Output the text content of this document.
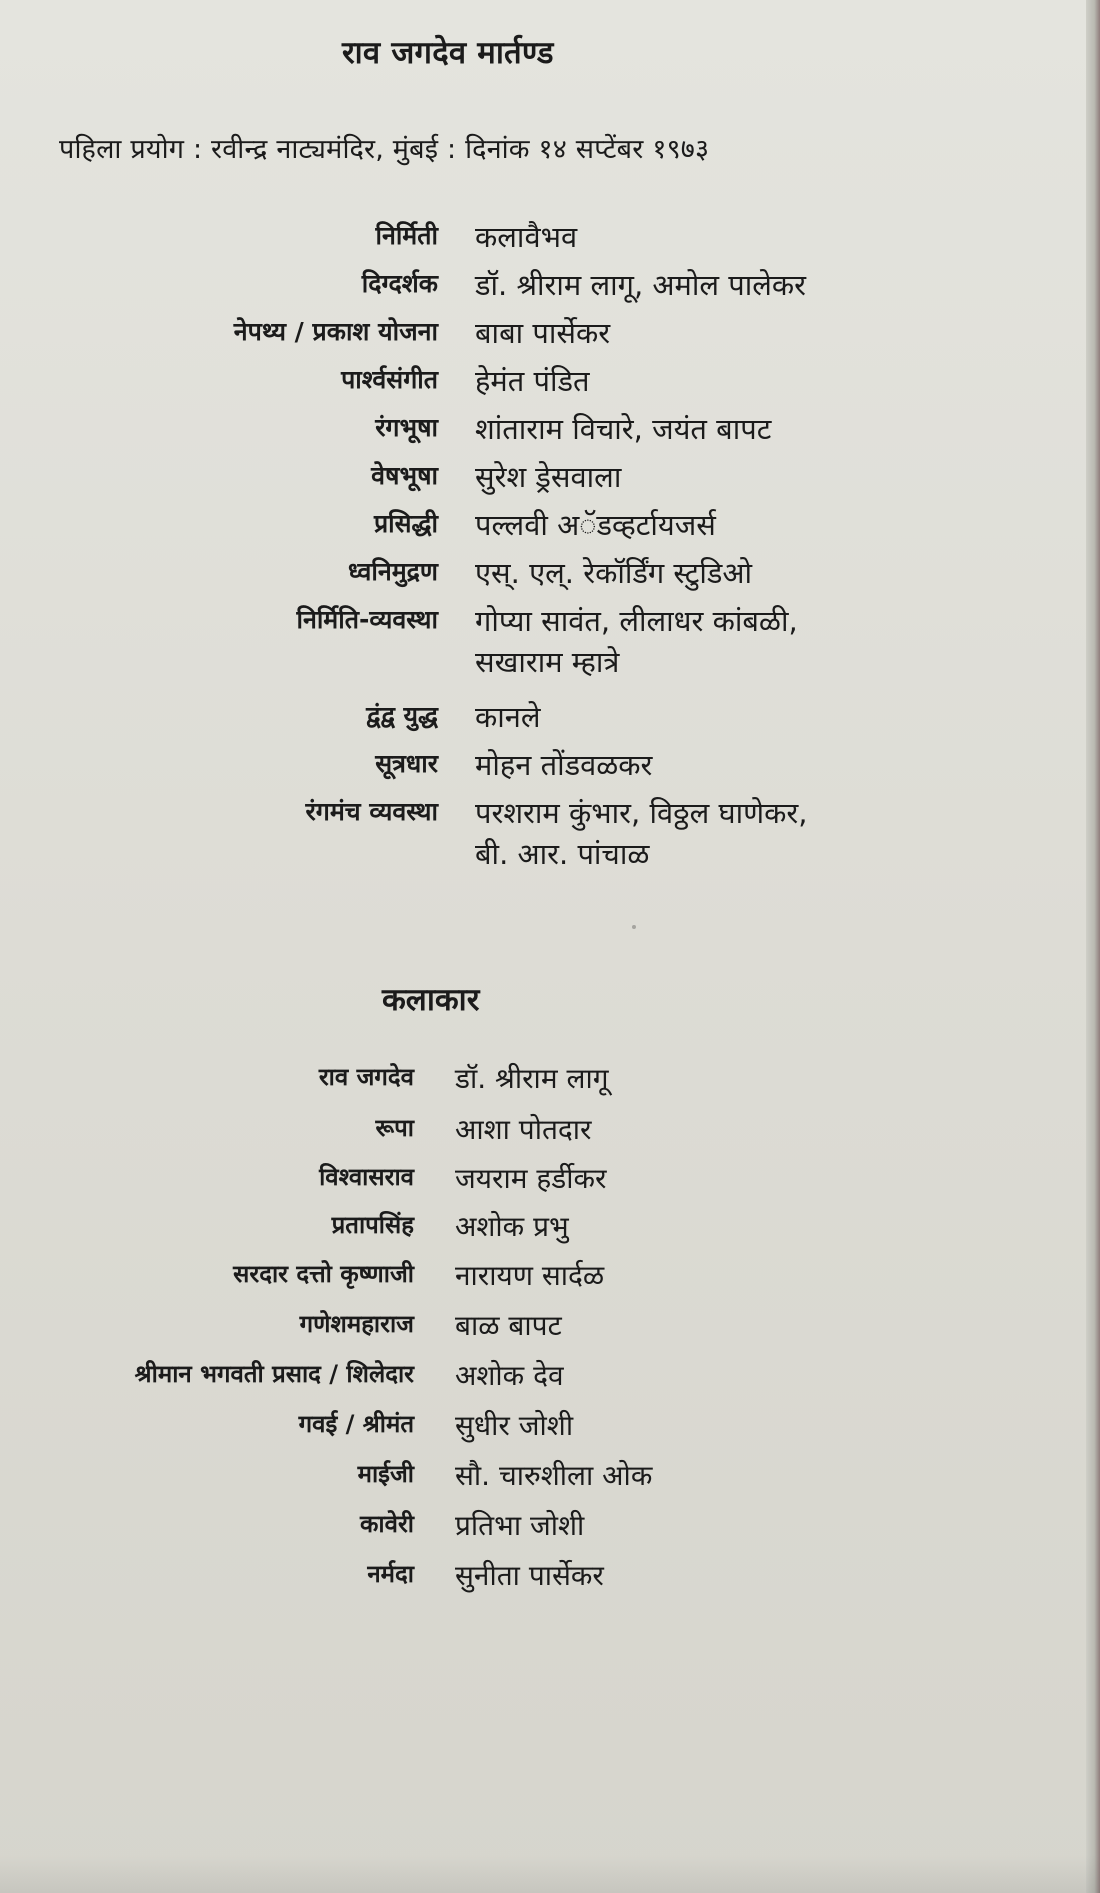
राव जगदेव मार्तण्ड
पहिला प्रयोग : रवीन्द्र नाट्यमंदिर, मुंबई : दिनांक १४ सप्टेंबर १९७३
निर्मिती कलावैभव
दिग्दर्शक डॉ. श्रीराम लागू, अमोल पालेकर
नेपथ्य / प्रकाश योजना बाबा पार्सेकर
पार्श्वसंगीत हेमंत पंडित
रंगभूषा शांताराम विचारे, जयंत बापट
वेषभूषा सुरेश ड्रेसवाला
प्रसिद्धी पल्लवी अॅडव्हर्टायजर्स
ध्वनिमुद्रण एस्. एल्. रेकॉर्डिंग स्टुडिओ
निर्मिति-व्यवस्था गोप्या सावंत, लीलाधर कांबळी,
सखाराम म्हात्रे
द्वंद्व युद्ध कानले
सूत्रधार मोहन तोंडवळकर
रंगमंच व्यवस्था परशराम कुंभार, विठ्ठल घाणेकर,
बी. आर. पांचाळ
कलाकार
राव जगदेव डॉ. श्रीराम लागू
रूपा आशा पोतदार
विश्वासराव जयराम हर्डीकर
प्रतापसिंह अशोक प्रभु
सरदार दत्तो कृष्णाजी नारायण सार्दळ
गणेशमहाराज बाळ बापट
श्रीमान भगवती प्रसाद / शिलेदार अशोक देव
गवई / श्रीमंत सुधीर जोशी
माईजी सौ. चारुशीला ओक
कावेरी प्रतिभा जोशी
नर्मदा सुनीता पार्सेकर
